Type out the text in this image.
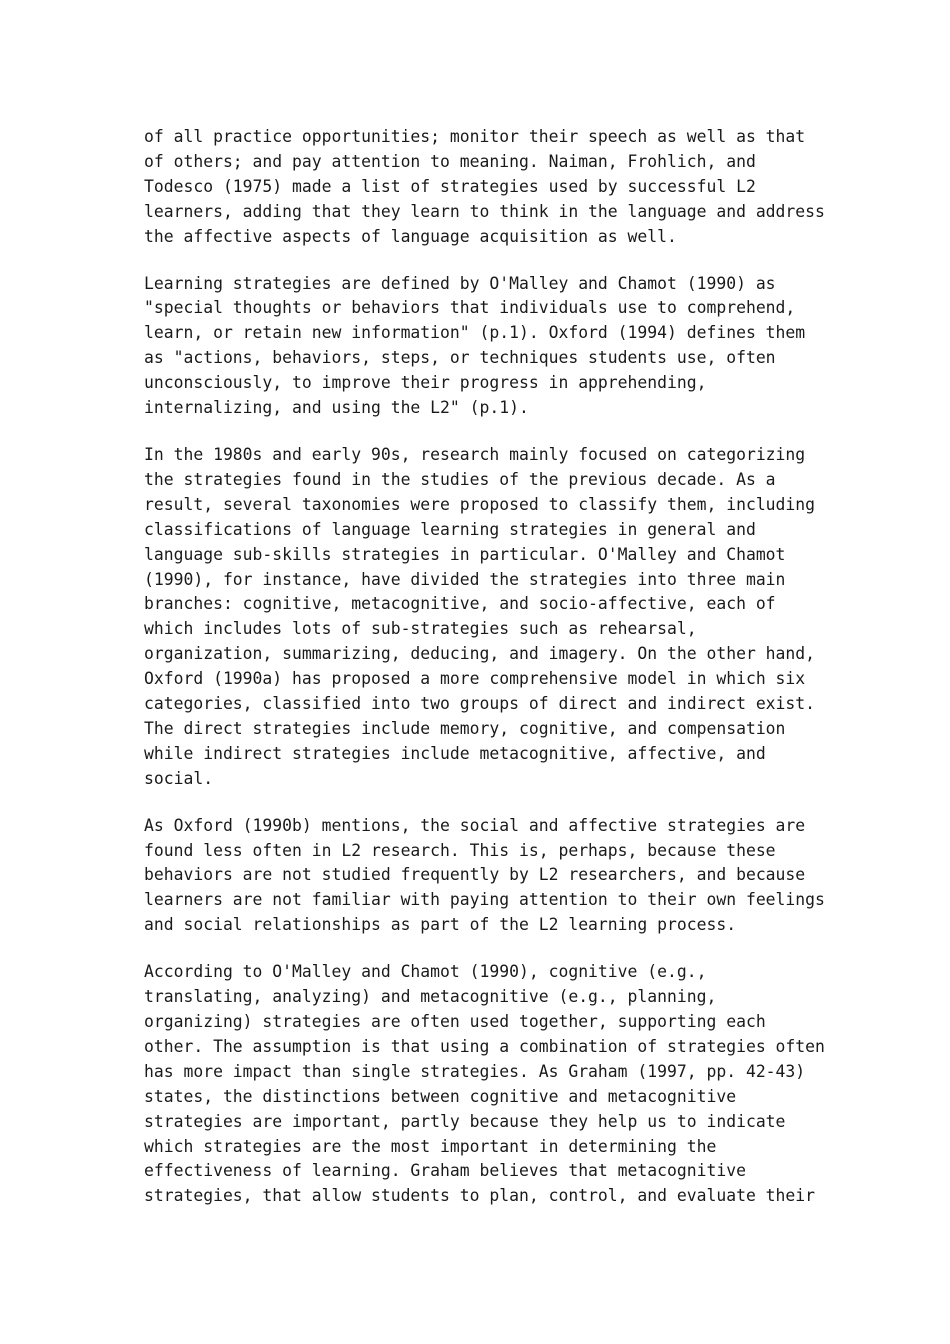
of all practice opportunities; monitor their speech as well as that
of others; and pay attention to meaning. Naiman, Frohlich, and
Todesco (1975) made a list of strategies used by successful L2
learners, adding that they learn to think in the language and address
the affective aspects of language acquisition as well.

Learning strategies are defined by O'Malley and Chamot (1990) as
"special thoughts or behaviors that individuals use to comprehend,
learn, or retain new information" (p.1). Oxford (1994) defines them
as "actions, behaviors, steps, or techniques students use, often
unconsciously, to improve their progress in apprehending,
internalizing, and using the L2" (p.1).

In the 1980s and early 90s, research mainly focused on categorizing
the strategies found in the studies of the previous decade. As a
result, several taxonomies were proposed to classify them, including
classifications of language learning strategies in general and
language sub-skills strategies in particular. O'Malley and Chamot
(1990), for instance, have divided the strategies into three main
branches: cognitive, metacognitive, and socio-affective, each of
which includes lots of sub-strategies such as rehearsal,
organization, summarizing, deducing, and imagery. On the other hand,
Oxford (1990a) has proposed a more comprehensive model in which six
categories, classified into two groups of direct and indirect exist.
The direct strategies include memory, cognitive, and compensation
while indirect strategies include metacognitive, affective, and
social.

As Oxford (1990b) mentions, the social and affective strategies are
found less often in L2 research. This is, perhaps, because these
behaviors are not studied frequently by L2 researchers, and because
learners are not familiar with paying attention to their own feelings
and social relationships as part of the L2 learning process.

According to O'Malley and Chamot (1990), cognitive (e.g.,
translating, analyzing) and metacognitive (e.g., planning,
organizing) strategies are often used together, supporting each
other. The assumption is that using a combination of strategies often
has more impact than single strategies. As Graham (1997, pp. 42-43)
states, the distinctions between cognitive and metacognitive
strategies are important, partly because they help us to indicate
which strategies are the most important in determining the
effectiveness of learning. Graham believes that metacognitive
strategies, that allow students to plan, control, and evaluate their
